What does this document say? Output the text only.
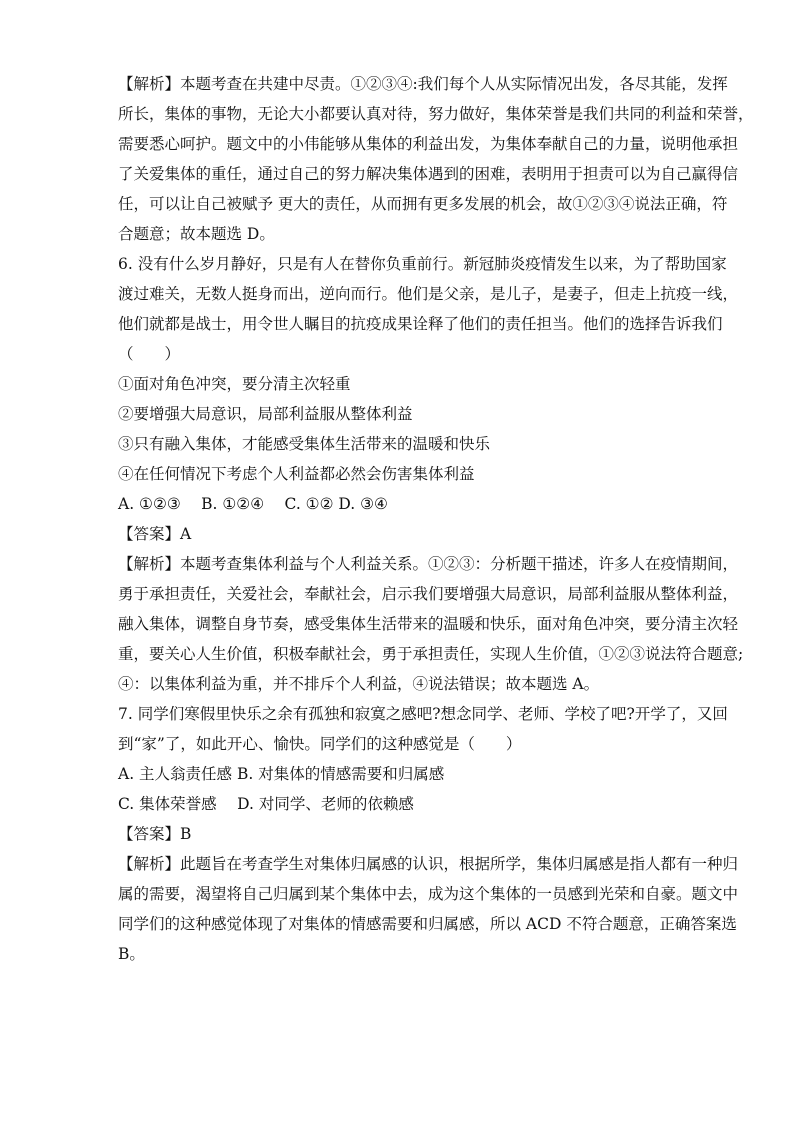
【解析】本题考查在共建中尽责。①②③④:我们每个人从实际情况出发，各尽其能，发挥
所长，集体的事物，无论大小都要认真对待，努力做好，集体荣誉是我们共同的利益和荣誉，
需要悉心呵护。题文中的小伟能够从集体的利益出发，为集体奉献自己的力量，说明他承担
了关爱集体的重任，通过自己的努力解决集体遇到的困难，表明用于担责可以为自己赢得信
任，可以让自己被赋予 更大的责任，从而拥有更多发展的机会，故①②③④说法正确，符
合题意；故本题选 D。
6. 没有什么岁月静好，只是有人在替你负重前行。新冠肺炎疫情发生以来，为了帮助国家
渡过难关，无数人挺身而出，逆向而行。他们是父亲，是儿子，是妻子，但走上抗疫一线，
他们就都是战士，用令世人瞩目的抗疫成果诠释了他们的责任担当。他们的选择告诉我们
（　　）
①面对角色冲突，要分清主次轻重
②要增强大局意识，局部利益服从整体利益
③只有融入集体，才能感受集体生活带来的温暖和快乐
④在任何情况下考虑个人利益都必然会伤害集体利益
A. ①②③　 B. ①②④　 C. ①② D. ③④
【答案】A
【解析】本题考查集体利益与个人利益关系。①②③：分析题干描述，许多人在疫情期间，
勇于承担责任，关爱社会，奉献社会，启示我们要增强大局意识，局部利益服从整体利益，
融入集体，调整自身节奏，感受集体生活带来的温暖和快乐，面对角色冲突，要分清主次轻
重，要关心人生价值，积极奉献社会，勇于承担责任，实现人生价值，①②③说法符合题意;
④：以集体利益为重，并不排斥个人利益，④说法错误；故本题选 A。
7. 同学们寒假里快乐之余有孤独和寂寞之感吧?想念同学、老师、学校了吧?开学了，又回
到“家”了，如此开心、愉快。同学们的这种感觉是（　　）
A. 主人翁责任感 B. 对集体的情感需要和归属感
C. 集体荣誉感　 D. 对同学、老师的依赖感
【答案】B
【解析】此题旨在考查学生对集体归属感的认识，根据所学，集体归属感是指人都有一种归
属的需要，渴望将自己归属到某个集体中去，成为这个集体的一员感到光荣和自豪。题文中
同学们的这种感觉体现了对集体的情感需要和归属感，所以 ACD 不符合题意，正确答案选
B。
